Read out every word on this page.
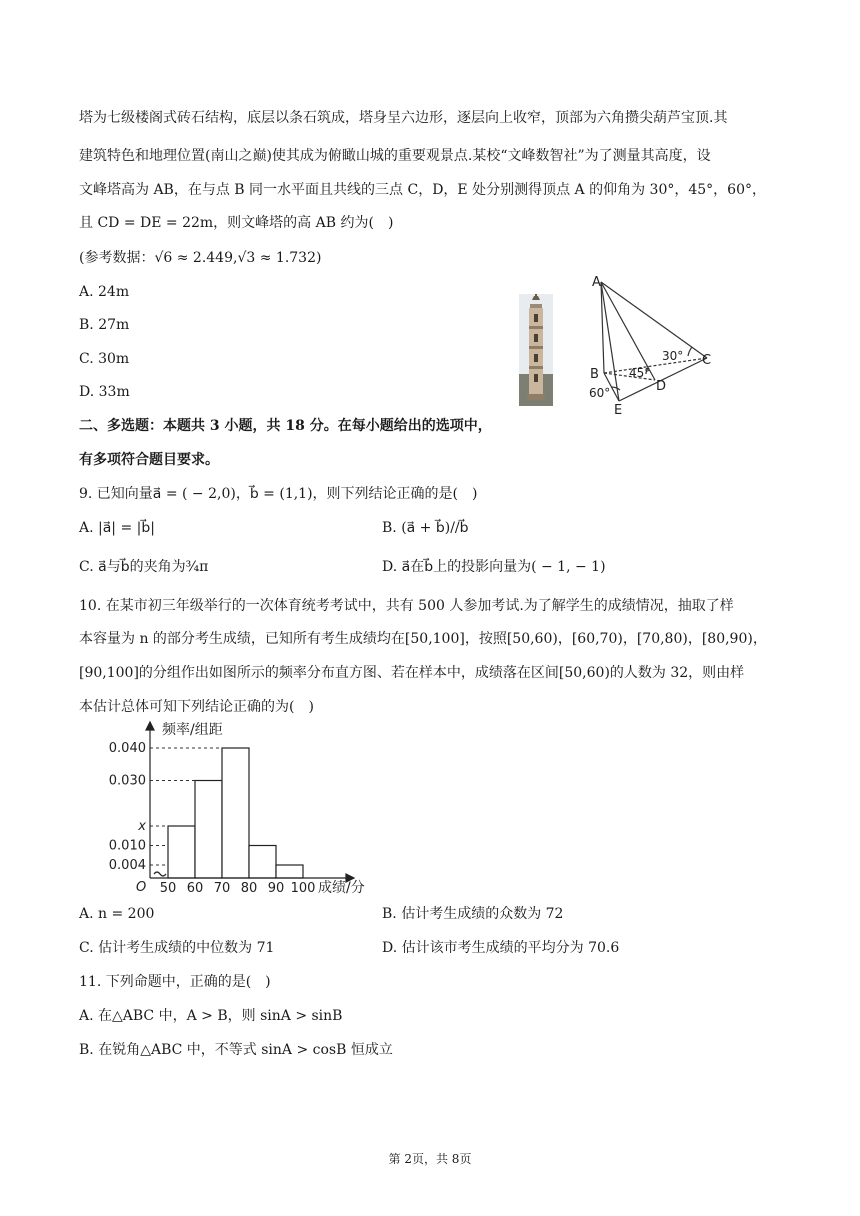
塔为七级楼阁式砖石结构，底层以条石筑成，塔身呈六边形，逐层向上收窄，顶部为六角攒尖葫芦宝顶.其
建筑特色和地理位置(南山之巅)使其成为俯瞰山城的重要观景点.某校“文峰数智社”为了测量其高度，设
文峰塔高为 AB，在与点 B 同一水平面且共线的三点 C，D，E 处分别测得顶点 A 的仰角为 30°，45°，60°，
且 CD = DE = 22m，则文峰塔的高 AB 约为(　)
(参考数据：√6 ≈ 2.449,√3 ≈ 1.732)
A. 24m
B. 27m
C. 30m
D. 33m
A
B
C
D
E
30°
45°
60°
二、多选题：本题共 3 小题，共 18 分。在每小题给出的选项中，
有多项符合题目要求。
9. 已知向量a⃗ = ( − 2,0)，b⃗ = (1,1)，则下列结论正确的是(　)
A. |a⃗| = |b⃗|	B. (a⃗ + b⃗)//b⃗
C. a⃗与b⃗的夹角为¾π	D. a⃗在b⃗上的投影向量为( − 1, − 1)
10. 在某市初三年级举行的一次体育统考考试中，共有 500 人参加考试.为了解学生的成绩情况，抽取了样
本容量为 n 的部分考生成绩，已知所有考生成绩均在[50,100]，按照[50,60)，[60,70)，[70,80)，[80,90)，
[90,100]的分组作出如图所示的频率分布直方图、若在样本中，成绩落在区间[50,60)的人数为 32，则由样
本估计总体可知下列结论正确的为(　)
0.004
0.010
x
0.030
0.040
50 60 70 80 90 100
频率/组距
成绩/分
O
A. n = 200	B. 估计考生成绩的众数为 72
C. 估计考生成绩的中位数为 71	D. 估计该市考生成绩的平均分为 70.6
11. 下列命题中，正确的是(　)
A. 在△ABC 中，A > B，则 sinA > sinB
B. 在锐角△ABC 中，不等式 sinA > cosB 恒成立
第 2页，共 8页
